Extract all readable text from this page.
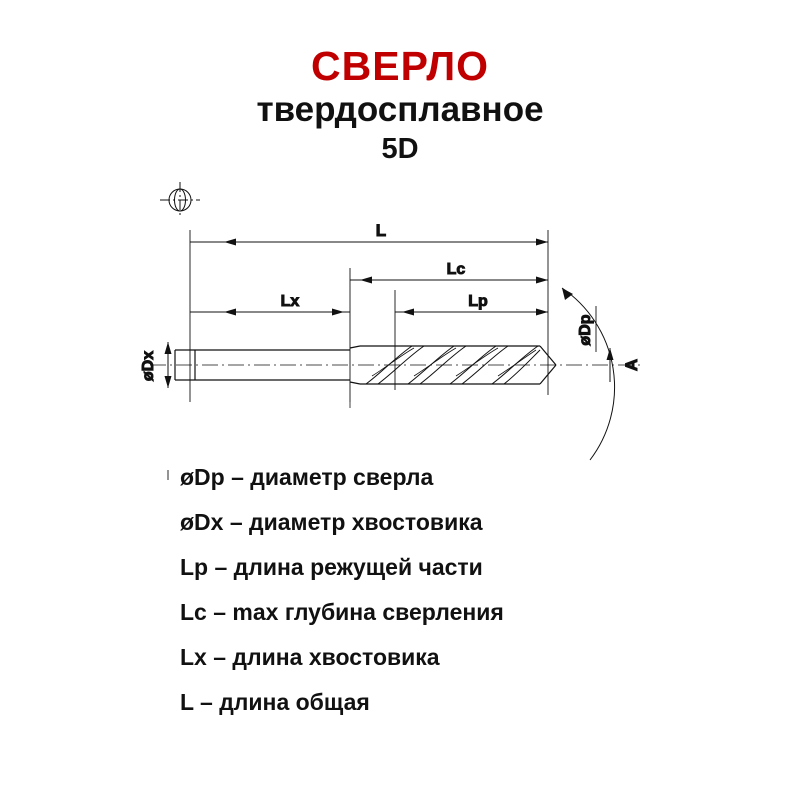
СВЕРЛО
твердосплавное
5D
L
Lc
Lx	Lp
øDx	A
øDp
øDp – диаметр сверла
øDx – диаметр хвостовика
Lp – длина режущей части
Lc – max глубина сверления
Lx – длина хвостовика
L – длина общая
